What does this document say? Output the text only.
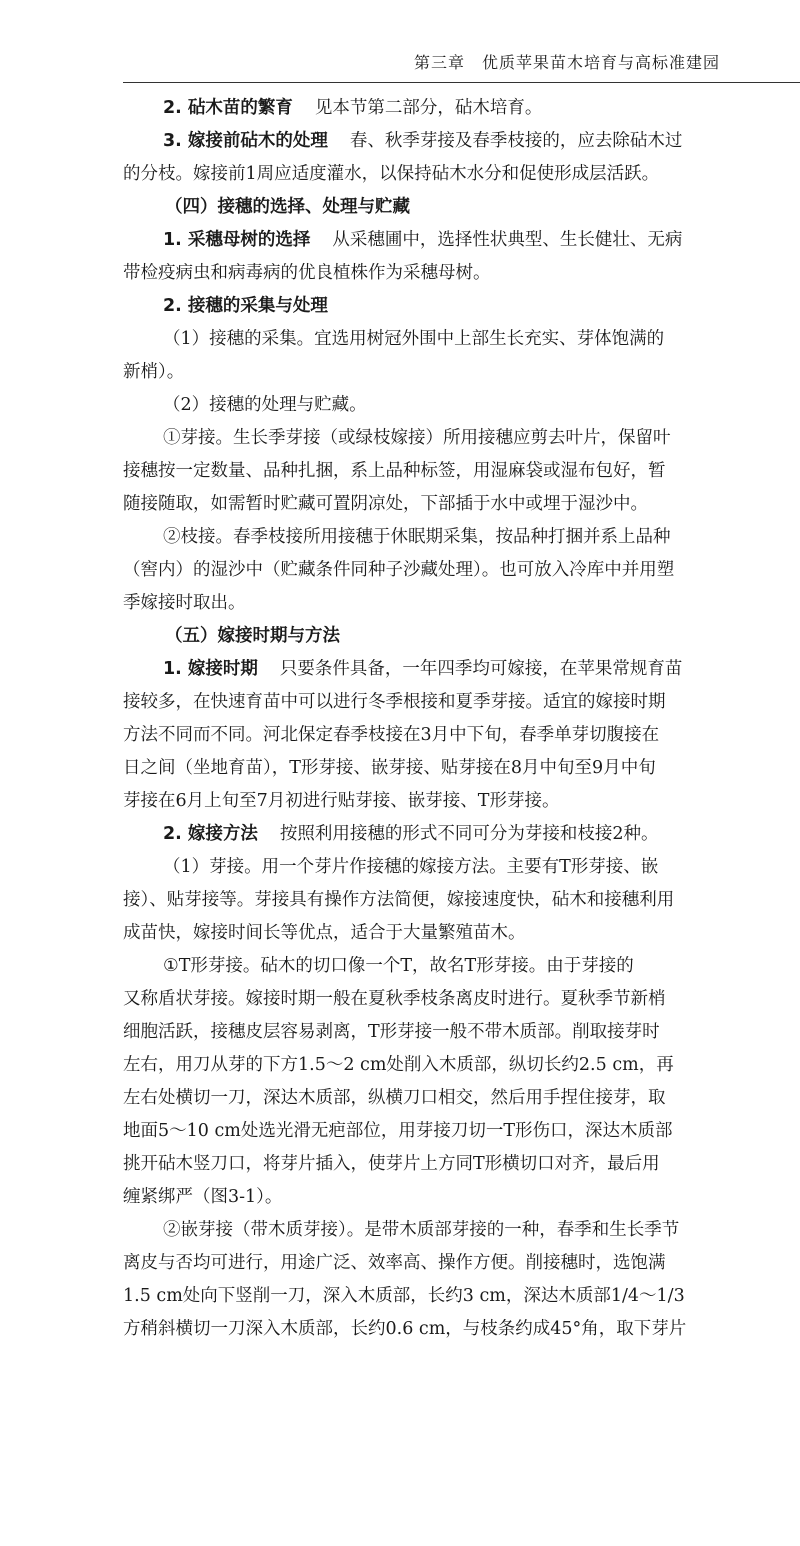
第三章　优质苹果苗木培育与高标准建园
2. 砧木苗的繁育 见本节第二部分，砧木培育。
3. 嫁接前砧木的处理 春、秋季芽接及春季枝接的，应去除砧木过
的分枝。嫁接前1周应适度灌水，以保持砧木水分和促使形成层活跃。
（四）接穗的选择、处理与贮藏
1. 采穗母树的选择 从采穗圃中，选择性状典型、生长健壮、无病
带检疫病虫和病毒病的优良植株作为采穗母树。
2. 接穗的采集与处理
（1）接穗的采集。宜选用树冠外围中上部生长充实、芽体饱满的
新梢）。
（2）接穗的处理与贮藏。
①芽接。生长季芽接（或绿枝嫁接）所用接穗应剪去叶片，保留叶
接穗按一定数量、品种扎捆，系上品种标签，用湿麻袋或湿布包好，暂
随接随取，如需暂时贮藏可置阴凉处，下部插于水中或埋于湿沙中。
②枝接。春季枝接所用接穗于休眠期采集，按品种打捆并系上品种
（窖内）的湿沙中（贮藏条件同种子沙藏处理）。也可放入冷库中并用塑
季嫁接时取出。
（五）嫁接时期与方法
1. 嫁接时期 只要条件具备，一年四季均可嫁接，在苹果常规育苗
接较多，在快速育苗中可以进行冬季根接和夏季芽接。适宜的嫁接时期
方法不同而不同。河北保定春季枝接在3月中下旬，春季单芽切腹接在
日之间（坐地育苗），T形芽接、嵌芽接、贴芽接在8月中旬至9月中旬
芽接在6月上旬至7月初进行贴芽接、嵌芽接、T形芽接。
2. 嫁接方法 按照利用接穗的形式不同可分为芽接和枝接2种。
（1）芽接。用一个芽片作接穗的嫁接方法。主要有T形芽接、嵌
接）、贴芽接等。芽接具有操作方法简便，嫁接速度快，砧木和接穗利用
成苗快，嫁接时间长等优点，适合于大量繁殖苗木。
①T形芽接。砧木的切口像一个T，故名T形芽接。由于芽接的
又称盾状芽接。嫁接时期一般在夏秋季枝条离皮时进行。夏秋季节新梢
细胞活跃，接穗皮层容易剥离，T形芽接一般不带木质部。削取接芽时
左右，用刀从芽的下方1.5～2 cm处削入木质部，纵切长约2.5 cm，再
左右处横切一刀，深达木质部，纵横刀口相交，然后用手捏住接芽，取
地面5～10 cm处选光滑无疤部位，用芽接刀切一T形伤口，深达木质部
挑开砧木竖刀口，将芽片插入，使芽片上方同T形横切口对齐，最后用
缠紧绑严（图3-1）。
②嵌芽接（带木质芽接）。是带木质部芽接的一种，春季和生长季节
离皮与否均可进行，用途广泛、效率高、操作方便。削接穗时，选饱满
1.5 cm处向下竖削一刀，深入木质部，长约3 cm，深达木质部1/4～1/3
方稍斜横切一刀深入木质部，长约0.6 cm，与枝条约成45°角，取下芽片
